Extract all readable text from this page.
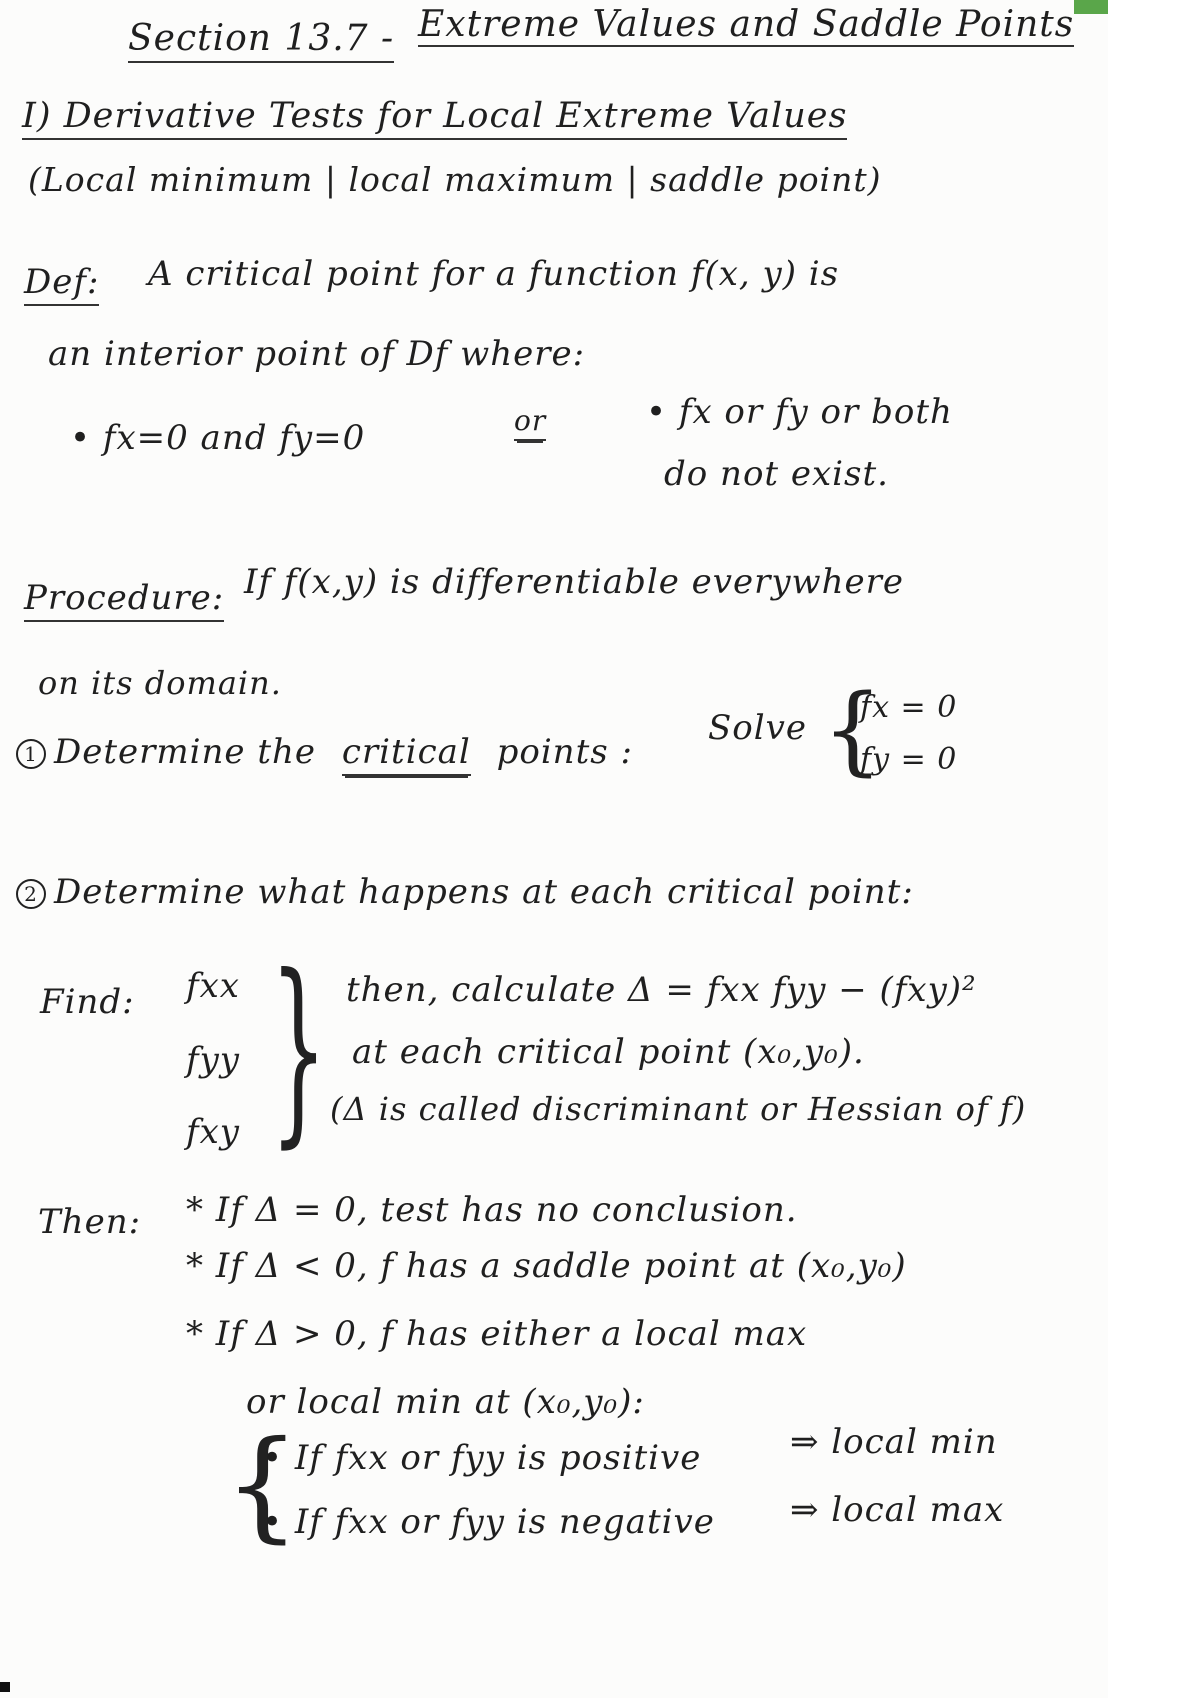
Section 13.7 - Extreme Values and Saddle Points
I) Derivative Tests for Local Extreme Values
(Local minimum | local maximum | saddle point)
Def: A critical point for a function f(x, y) is
an interior point of Df where:
• fx=0 and fy=0	or	• fx or fy or both
do not exist.
Procedure: If f(x,y) is differentiable everywhere
on its domain.
1 Determine the critical points :
Solve {
fx = 0
fy = 0
2 Determine what happens at each critical point:
Find: fxx
fyy
fxy } then, calculate Δ = fxx fyy − (fxy)²
at each critical point (x₀,y₀).
(Δ is called discriminant or Hessian of f)
Then: * If Δ = 0, test has no conclusion.
* If Δ < 0, f has a saddle point at (x₀,y₀)
* If Δ > 0, f has either a local max
or local min at (x₀,y₀):
{
• If fxx or fyy is positive	⇒ local min
• If fxx or fyy is negative ⇒ local max
